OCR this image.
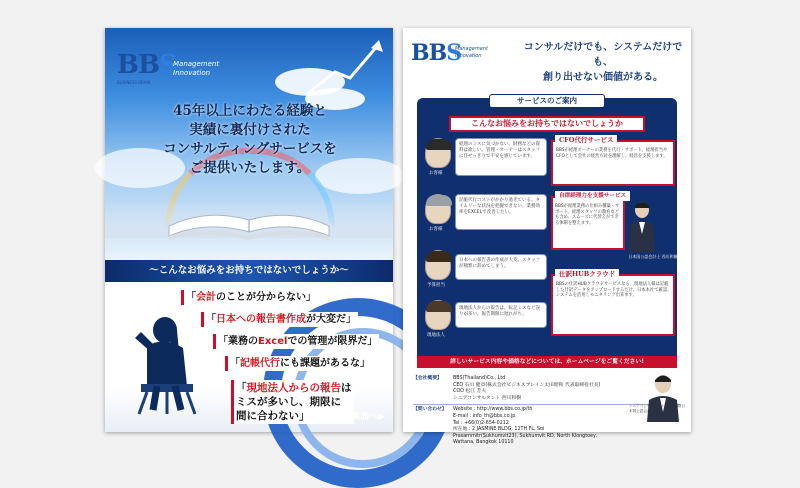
BBS
Management
Innovation
BUSINESS BRAIN
45年以上にわたる経験と
実績に裏付けされた
コンサルティングサービスを
ご提供いたします。
〜こんなお悩みをお持ちではないでしょうか〜
「会計のことが分からない」
「日本への報告書作成が大変だ」
「業務のExcelでの管理が限界だ」
「記帳代行にも課題があるな」
「現地法人からの報告は
ミスが多いし、期限に
間に合わない」
解決方法は裏面へ▶
BBS
Management
Innovation
コンサルだけでも、システムだけでも、
創り出せない価値がある。
サービスのご案内
こんなお悩みをお持ちではないでしょうか
お客様
経理のミスに気づかない。財務などの資料は欲しい。管理・オーナーはスタッフに任せっきりで不安を感じています。
お客様
記帳代行コストがかかり過ぎている。タイムリーな状況を把握できない。業務効率をEXCELで改善したい。
予算担当
日本への報告書の作成が大変。スタッフが頻繁に辞めてしまう。
現地法人
現地法人からの報告は、転記ミスなど誤りが多い。報告期限に遅れがち。
CFO代行サービス
BBSが経理オーナーの業務を代行・サポート。経理担当やCFOとして会社の経営方針を理解し、経営を支援します。
自律経理力を支援サービス
BBSが経理業務の仕組み構築・サポート。経理スタッフの教育なども含め、スムーズに代替えができる体制を整えます。
日本国公認会計士 西川和樹
仕訳HUBクラウド
BBSの仕訳HUBクラウドサービスなら、現地法人様は記帳した仕訳データをアップロードするだけ。日本本社で確認、システムを活用しモニタリング出来ます。
詳しいサービス内容や価格などについては、ホームページをご覧ください!
【会社概要】	BBS(Thailand)Co., Ltd
CEO 石川 健章(株式会社ビジネスブレイン太田昭和 代表取締役社長)
COO 松江 芳夫
シニアコンサルタント 西川和樹
【問い合わせ】	Website : http://www.bbs.co.jp/th
E-mail : info_th@bbs.co.jp
Tel : +66(0)2-654-0212
所在地 : 2 JASMINE BLDG, 12TH FL, Soi Prasarnmitr(Sukhumvit23), Sukhumvit RD, North Klongtoey, Wattana, Bangkok 10110
シニアコンサルタント 西川和樹(日本国公認会計士)
